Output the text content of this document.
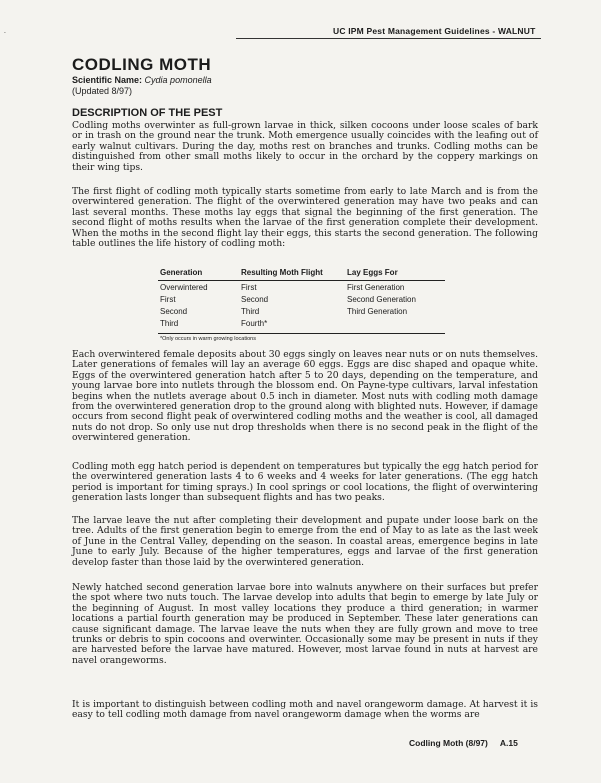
·	UC IPM Pest Management Guidelines - WALNUT
CODLING MOTH
Scientific Name: Cydia pomonella
(Updated 8/97)
DESCRIPTION OF THE PEST

Codling moths overwinter as full-grown larvae in thick, silken cocoons under loose scales of bark or in trash on the ground near the trunk. Moth emergence usually coincides with the leafing out of early walnut cultivars. During the day, moths rest on branches and trunks. Codling moths can be distinguished from other small moths likely to occur in the orchard by the coppery markings on their wing tips.

The first flight of codling moth typically starts sometime from early to late March and is from the overwintered generation. The flight of the overwintered generation may have two peaks and can last several months. These moths lay eggs that signal the beginning of the first generation. The second flight of moths results when the larvae of the first generation complete their development. When the moths in the second flight lay their eggs, this starts the second generation. The following table outlines the life history of codling moth:

Generation	Resulting Moth Flight	Lay Eggs For
Overwintered	First	First Generation
First	Second	Second Generation
Second	Third	Third Generation
Third	Fourth*
*Only occurs in warm growing locations

Each overwintered female deposits about 30 eggs singly on leaves near nuts or on nuts themselves. Later generations of females will lay an average 60 eggs. Eggs are disc shaped and opaque white. Eggs of the overwintered generation hatch after 5 to 20 days, depending on the temperature, and young larvae bore into nutlets through the blossom end. On Payne-type cultivars, larval infestation begins when the nutlets average about 0.5 inch in diameter. Most nuts with codling moth damage from the overwintered generation drop to the ground along with blighted nuts. However, if damage occurs from second flight peak of overwintered codling moths and the weather is cool, all damaged nuts do not drop. So only use nut drop thresholds when there is no second peak in the flight of the overwintered generation.

Codling moth egg hatch period is dependent on temperatures but typically the egg hatch period for the overwintered generation lasts 4 to 6 weeks and 4 weeks for later generations. (The egg hatch period is important for timing sprays.) In cool springs or cool locations, the flight of overwintering generation lasts longer than subsequent flights and has two peaks.

The larvae leave the nut after completing their development and pupate under loose bark on the tree. Adults of the first generation begin to emerge from the end of May to as late as the last week of June in the Central Valley, depending on the season. In coastal areas, emergence begins in late June to early July. Because of the higher temperatures, eggs and larvae of the first generation develop faster than those laid by the overwintered generation.

Newly hatched second generation larvae bore into walnuts anywhere on their surfaces but prefer the spot where two nuts touch. The larvae develop into adults that begin to emerge by late July or the beginning of August. In most valley locations they produce a third generation; in warmer locations a partial fourth generation may be produced in September. These later generations can cause significant damage. The larvae leave the nuts when they are fully grown and move to tree trunks or debris to spin cocoons and overwinter. Occasionally some may be present in nuts if they are harvested before the larvae have matured. However, most larvae found in nuts at harvest are navel orangeworms.

It is important to distinguish between codling moth and navel orangeworm damage. At harvest it is easy to tell codling moth damage from navel orangeworm damage when the worms are

Codling Moth (8/97) A.15
